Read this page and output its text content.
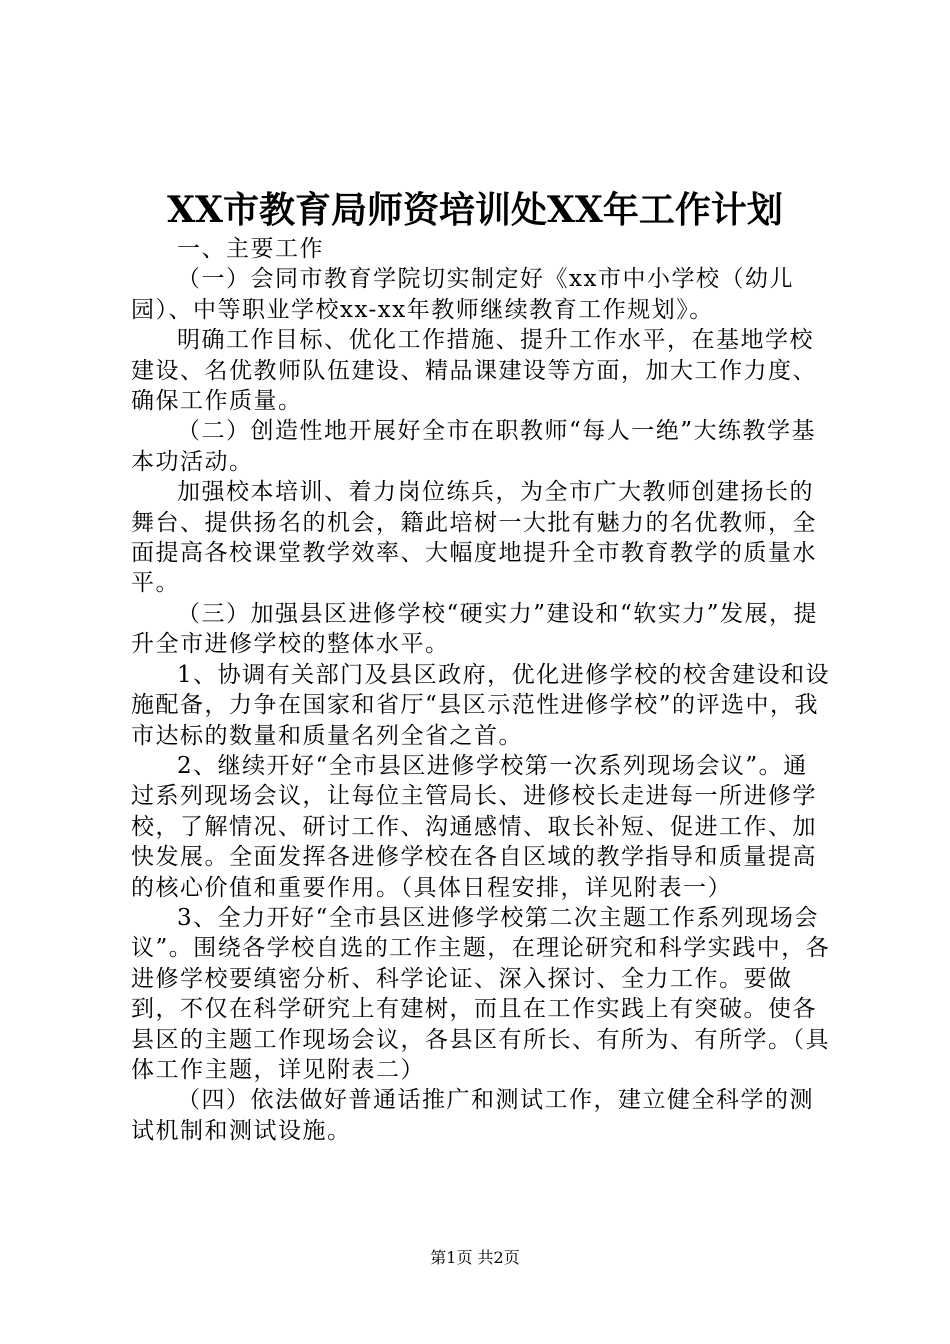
XX市教育局师资培训处XX年工作计划

一、主要工作

（一）会同市教育学院切实制定好《xx市中小学校（幼儿园）、中等职业学校xx-xx年教师继续教育工作规划》。

明确工作目标、优化工作措施、提升工作水平，在基地学校建设、名优教师队伍建设、精品课建设等方面，加大工作力度、确保工作质量。

（二）创造性地开展好全市在职教师“每人一绝”大练教学基本功活动。

加强校本培训、着力岗位练兵，为全市广大教师创建扬长的舞台、提供扬名的机会，籍此培树一大批有魅力的名优教师，全面提高各校课堂教学效率、大幅度地提升全市教育教学的质量水平。

（三）加强县区进修学校“硬实力”建设和“软实力”发展，提升全市进修学校的整体水平。

1、协调有关部门及县区政府，优化进修学校的校舍建设和设施配备，力争在国家和省厅“县区示范性进修学校”的评选中，我市达标的数量和质量名列全省之首。

2、继续开好“全市县区进修学校第一次系列现场会议”。通过系列现场会议，让每位主管局长、进修校长走进每一所进修学校，了解情况、研讨工作、沟通感情、取长补短、促进工作、加快发展。全面发挥各进修学校在各自区域的教学指导和质量提高的核心价值和重要作用。（具体日程安排，详见附表一）

3、全力开好“全市县区进修学校第二次主题工作系列现场会议”。围绕各学校自选的工作主题，在理论研究和科学实践中，各进修学校要缜密分析、科学论证、深入探讨、全力工作。要做到，不仅在科学研究上有建树，而且在工作实践上有突破。使各县区的主题工作现场会议，各县区有所长、有所为、有所学。（具体工作主题，详见附表二）

（四）依法做好普通话推广和测试工作，建立健全科学的测试机制和测试设施。

第1页 共2页
